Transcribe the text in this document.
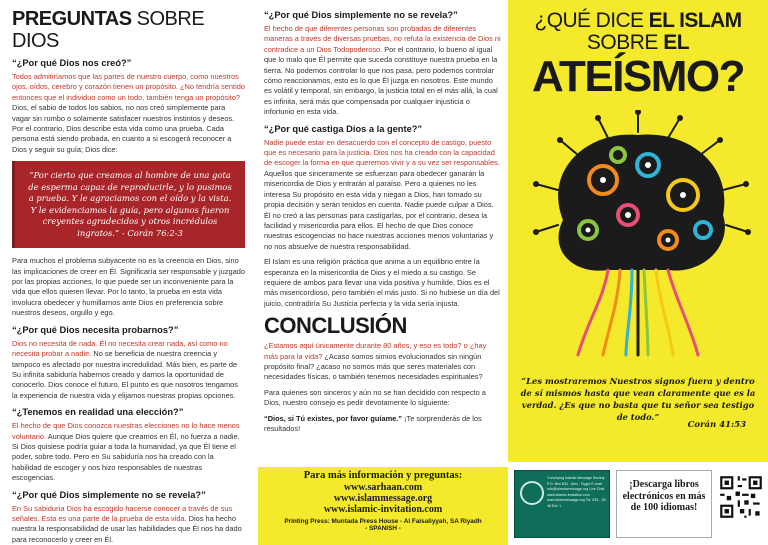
PREGUNTAS SOBRE DIOS
“¿Por qué Dios nos creó?”

Todos admitiríamos que las partes de nuestro cuerpo, como nuestros ojos, oídos, cerebro y corazón tienen un propósito. ¿No tendría sentido entonces que el individuo como un todo, también tenga un propósito? Dios, el sabio de todos los sabios, no nos creó simplemente para vagar sin rumbo o solamente satisfacer nuestros instintos y deseos. Por el contrario, Dios describe esta vida como una prueba. Cada persona está siendo probada, en cuanto a si escogerá reconocer a Dios y seguir su guía; Dios dice:

“Por cierto que creamos al hombre de una gota de esperma capaz de reproducirle, y lo pusimos a prueba. Y le agraciamos con el oído y la vista. Y le evidenciamos la guía, pero algunos fueron creyentes agradecidos y otros incrédulos ingratos.” - Corán 76:2-3

Para muchos el problema subyacente no es la creencia en Dios, sino las implicaciones de creer en Él. Significaría ser responsable y juzgado por las propias acciones, lo que puede ser un inconveniente para la vida que ellos quieren llevar. Por lo tanto, la prueba en esta vida involucra obedecer y humillarnos ante Dios en preferencia sobre nuestros deseos, orgullo y ego.

“¿Por qué Dios necesita probarnos?”

Dios no necesita de nada. Él no necesita crear nada, así como no necesita probar a nadie. No se beneficia de nuestra creencia y tampoco es afectado por nuestra incredulidad. Más bien, es parte de Su infinita sabiduría habernos creado y darnos la oportunidad de conocerlo. Dios conoce el futuro. El punto es que nosotros tengamos la experiencia de nuestra vida y elijamos nuestras propias opciones.

“¿Tenemos en realidad una elección?”

El hecho de que Dios conozca nuestras elecciones no lo hace menos voluntario. Aunque Dios quiere que creamos en Él, no fuerza a nadie. Si Dios quisiese podría guiar a toda la humanidad, ya que Él tiene el poder, sobre todo. Pero en Su sabiduría nos ha creado con la habilidad de escoger y nos hizo responsables de nuestras escogencias.

“¿Por qué Dios simplemente no se revela?”

En Su sabiduría Dios ha escogido hacerse conocer a través de sus señales. Esta es una parte de la prueba de esta vida. Dios ha hecho nuestra la responsabilidad de usar las habilidades que Él nos ha dado para reconocerlo y creer en Él.

“¿Por qué Dios simplemente no se revela?”

El hecho de que diferentes personas son probadas de diferentes maneras a través de diversas pruebas, no refuta la existencia de Dios ni contradice a un Dios Todopoderoso. Por el contrario, lo bueno al igual que lo malo que Él permite que suceda constituye nuestra prueba en la tierra. No podemos controlar lo que nos pasa, pero podemos controlar cómo reaccionamos, esto es lo que Él juzga en nosotros. Este mundo es volátil y temporal, sin embargo, la justicia total en el más allá, la cual es infinita, será más que compensada por cualquier injusticia o infortunio en esta vida.

“¿Por qué castiga Dios a la gente?”

Nadie puede estar en desacuerdo con el concepto de castigo, puesto que es necesario para la justicia. Dios nos ha creado con la capacidad de escoger la forma en que queremos vivir y a su vez ser responsables. Aquellos que sinceramente se esfuerzan para obedecer ganarán la misericordia de Dios y entrarán al paraíso. Pero a quienes no les interesa Su propósito en esta vida y niegan a Dios, han tomado su propia decisión y serán tenidos en cuenta. Nadie puede culpar a Dios. Él no creó a las personas para castigarlas, por el contrario, desea la facilidad y misericordia para ellos. El hecho de que Dios conoce nuestras escogencias no hace nuestras acciones menos voluntarias y no nos absuelve de nuestra responsabilidad.

El Islam es una religión práctica que anima a un equilibrio entre la esperanza en la misericordia de Dios y el miedo a su castigo. Se requiere de ambos para llevar una vida positiva y humilde. Dios es el más misericordioso, pero también el más justo. Si no hubiese un día del juicio, contradiría Su Justicia perfecta y la vida sería injusta.

CONCLUSIÓN

¿Estamos aquí únicamente durante 80 años, y eso es todo? o ¿hay más para la vida? ¿Acaso somos simios evolucionados sin ningún propósito final? ¿acaso no somos más que seres materiales con necesidades físicas, o también tenemos necesidades espirituales?

Para quienes son sinceros y aún no se han decidido con respecto a Dios, nuestro consejo es pedir devotamente lo siguiente:

“Dios, si Tú existes, por favor guíame.” ¡Te sorprenderás de los resultados!

Para más información y preguntas:
www.sarhaan.com
www.islammessage.org
www.islamic-invitation.com
Printing Press: Muntada Press House - Al Faisaliyyah, SA Riyadh
- SPANISH -
¿QUÉ DICE EL ISLAM
SOBRE EL
ATEÍSMO?
“Les mostraremos Nuestros signos fuera y dentro de sí mismos hasta que vean claramente que es la verdad. ¿Es que no basta que tu señor sea testigo de todo.”
Corán 41:53
Conveying Islamic Message Society P.O. Box 834 - Alex - Egypt E-mail: info@islamicmessage.org Live Chat www.islamic-invitation.com www.islammessage.org Tel: 035 - 35 46 Ext: 1
¡Descarga libros electrónicos en más de 100 idiomas!
